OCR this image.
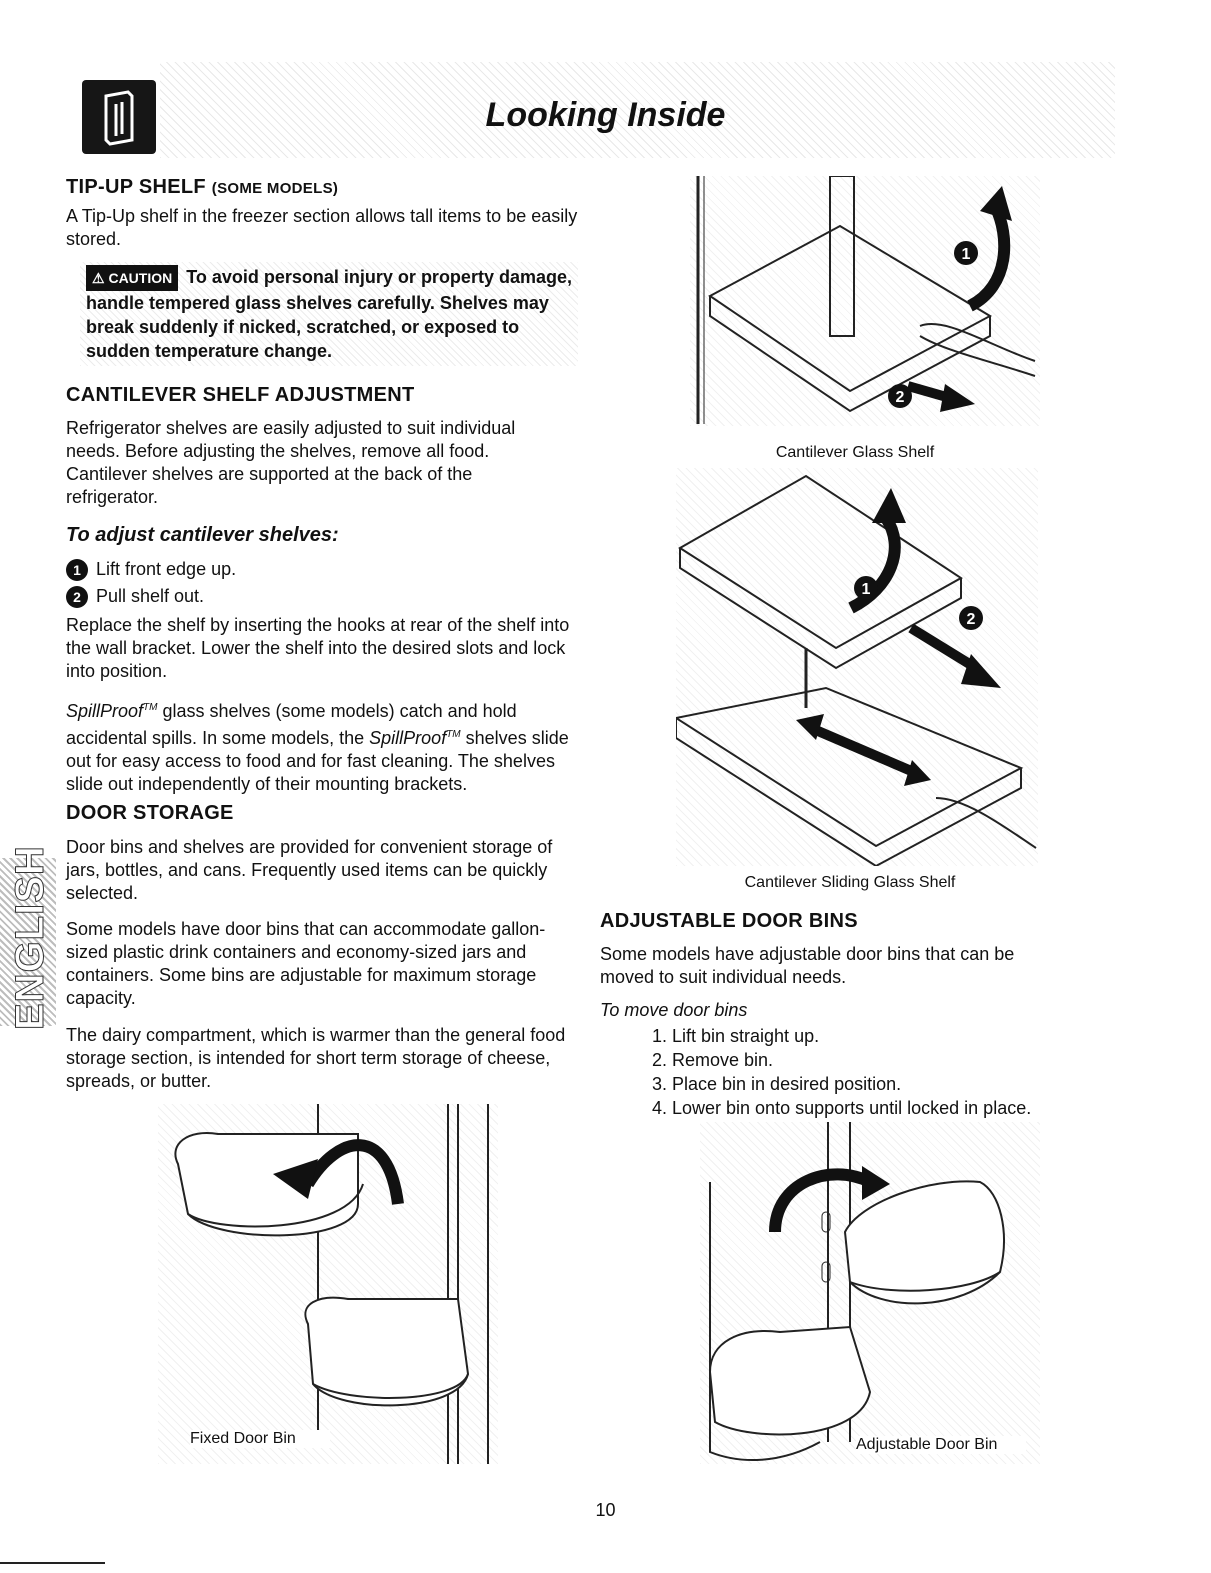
Looking Inside
TIP-UP SHELF (SOME MODELS)
A Tip-Up shelf in the freezer section allows tall items to be easily stored.
⚠ CAUTION To avoid personal injury or property damage, handle tempered glass shelves carefully. Shelves may break suddenly if nicked, scratched, or exposed to sudden temperature change.
CANTILEVER SHELF ADJUSTMENT
Refrigerator shelves are easily adjusted to suit individual needs. Before adjusting the shelves, remove all food. Cantilever shelves are supported at the back of the refrigerator.
To adjust cantilever shelves:
1 Lift front edge up.
2 Pull shelf out.
Replace the shelf by inserting the hooks at rear of the shelf into the wall bracket. Lower the shelf into the desired slots and lock into position.
SpillProof™ glass shelves (some models) catch and hold accidental spills. In some models, the SpillProof™ shelves slide out for easy access to food and for fast cleaning. The shelves slide out independently of their mounting brackets.
DOOR STORAGE
Door bins and shelves are provided for convenient storage of jars, bottles, and cans. Frequently used items can be quickly selected.
Some models have door bins that can accommodate gallon-sized plastic drink containers and economy-sized jars and containers. Some bins are adjustable for maximum storage capacity.
The dairy compartment, which is warmer than the general food storage section, is intended for short term storage of cheese, spreads, or butter.
ENGLISH	ADJUSTABLE DOOR BINS
Some models have adjustable door bins that can be moved to suit individual needs.
To move door bins
1. Lift bin straight up.
2. Remove bin.
3. Place bin in desired position.
4. Lower bin onto supports until locked in place.
1
2
Cantilever Glass Shelf
1
2
Cantilever Sliding Glass Shelf
Fixed Door Bin	Adjustable Door Bin
10
